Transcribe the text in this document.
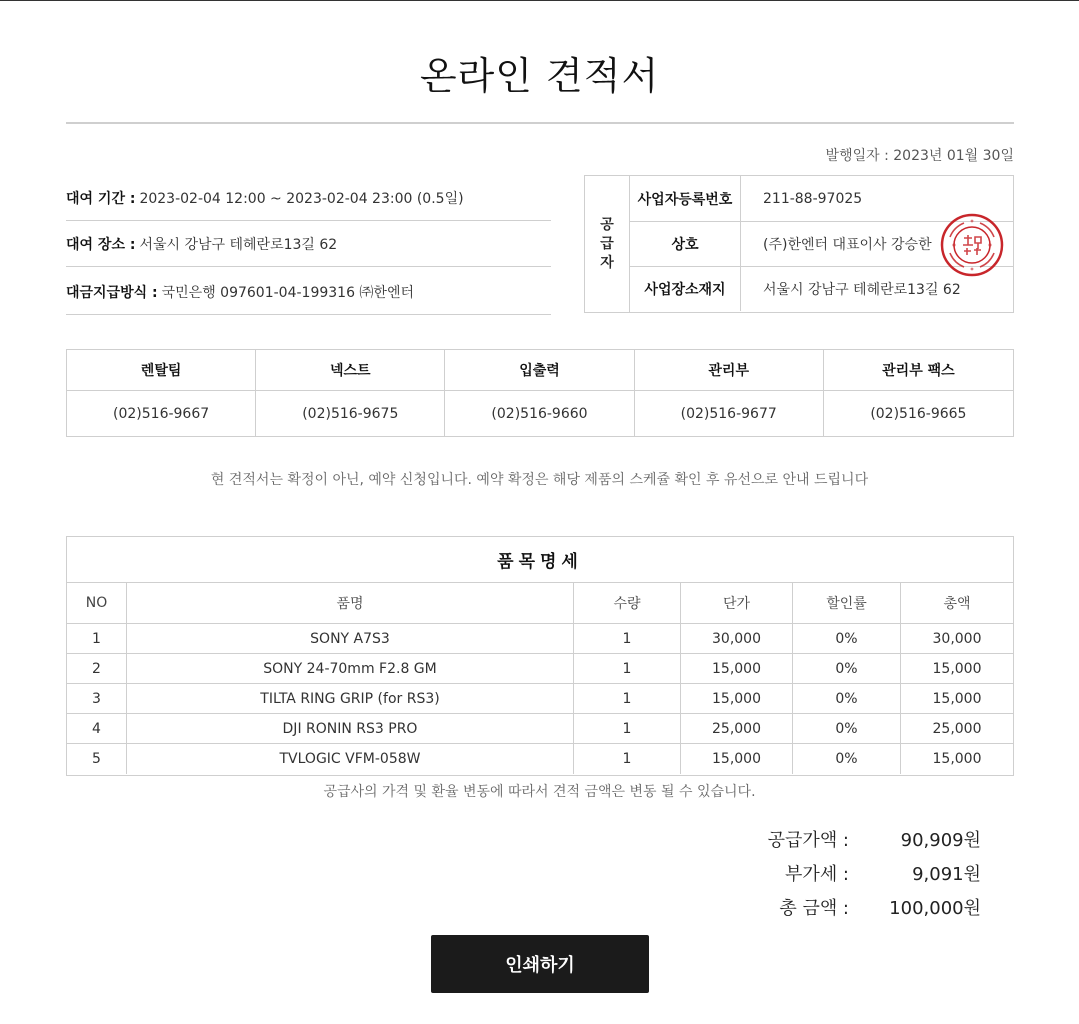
온라인 견적서
발행일자 : 2023년 01월 30일
대여 기간 : 2023-02-04 12:00 ~ 2023-02-04 23:00 (0.5일)
대여 장소 : 서울시 강남구 테헤란로13길 62
대금지급방식 : 국민은행 097601-04-199316 ㈜한엔터
공
급
자
사업자등록번호	211-88-97025
상호	(주)한엔터 대표이사 강승한
사업장소재지	서울시 강남구 테헤란로13길 62
렌탈팀	넥스트	입출력	관리부	관리부 팩스
(02)516-9667	(02)516-9675	(02)516-9660	(02)516-9677	(02)516-9665
현 견적서는 확정이 아닌, 예약 신청입니다. 예약 확정은 해당 제품의 스케쥴 확인 후 유선으로 안내 드립니다
품목명세
NO	품명	수량	단가	할인률	총액
1	SONY A7S3	1	30,000	0%	30,000
2	SONY 24-70mm F2.8 GM	1	15,000	0%	15,000
3	TILTA RING GRIP (for RS3)	1	15,000	0%	15,000
4	DJI RONIN RS3 PRO	1	25,000	0%	25,000
5	TVLOGIC VFM-058W	1	15,000	0%	15,000
공급사의 가격 및 환율 변동에 따라서 견적 금액은 변동 될 수 있습니다.
공급가액 :	90,909원
부가세 :	9,091원
총 금액 : 100,000원
인쇄하기
